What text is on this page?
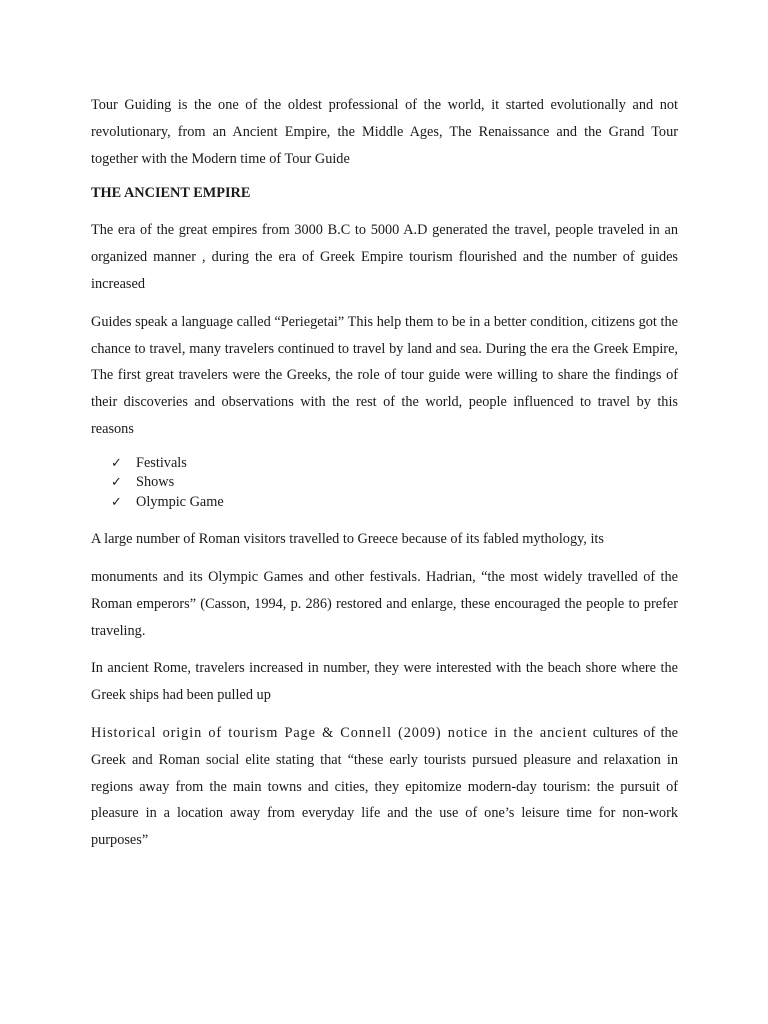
Tour Guiding is the one of the oldest professional of the world, it started evolutionally and not revolutionary, from an Ancient Empire, the Middle Ages, The Renaissance and the Grand Tour together with the Modern time of Tour Guide

THE ANCIENT EMPIRE

The era of the great empires from 3000 B.C to 5000 A.D generated the travel, people traveled in an organized manner , during the era of Greek Empire tourism flourished and the number of guides increased

Guides speak a language called “Periegetai” This help them to be in a better condition, citizens got the chance to travel, many travelers continued to travel by land and sea. During the era the Greek Empire, The first great travelers were the Greeks, the role of tour guide were willing to share the findings of their discoveries and observations with the rest of the world, people influenced to travel by this reasons

✓ Festivals
✓ Shows
✓ Olympic Game

A large number of Roman visitors travelled to Greece because of its fabled mythology, its

monuments and its Olympic Games and other festivals. Hadrian, “the most widely travelled of the Roman emperors” (Casson, 1994, p. 286) restored and enlarge, these encouraged the people to prefer traveling.

In ancient Rome, travelers increased in number, they were interested with the beach shore where the Greek ships had been pulled up

Historical origin of tourism Page & Connell (2009) notice in the ancient cultures of the Greek and Roman social elite stating that “these early tourists pursued pleasure and relaxation in regions away from the main towns and cities, they epitomize modern-day tourism: the pursuit of pleasure in a location away from everyday life and the use of one’s leisure time for non-work purposes”
